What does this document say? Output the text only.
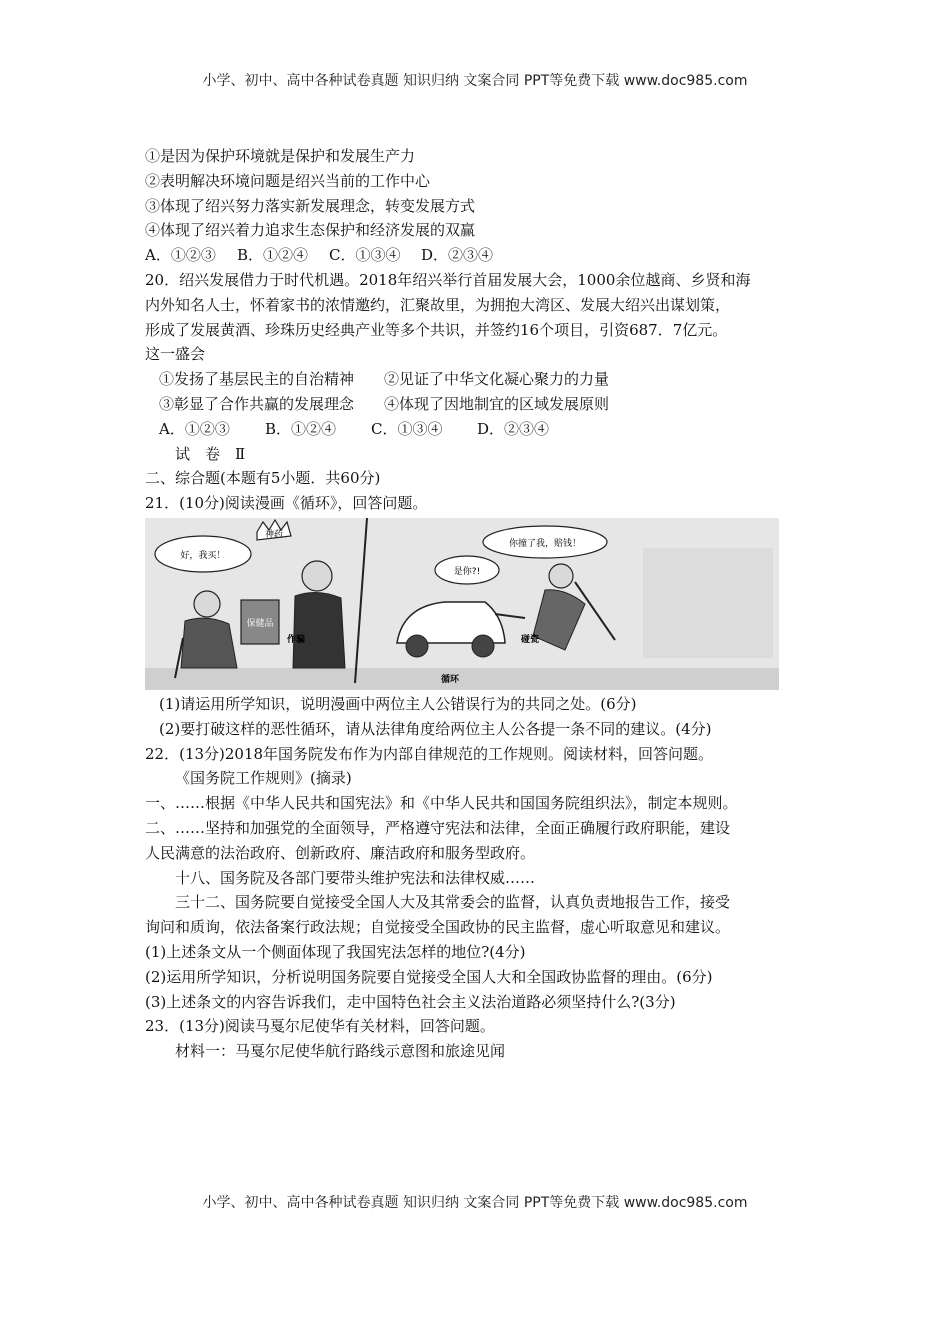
小学、初中、高中各种试卷真题 知识归纳 文案合同 PPT等免费下载 www.doc985.com
①是因为保护环境就是保护和发展生产力
②表明解决环境问题是绍兴当前的工作中心
③体现了绍兴努力落实新发展理念，转变发展方式
④体现了绍兴着力追求生态保护和经济发展的双赢
A．①②③ B．①②④ C．①③④ D．②③④
20．绍兴发展借力于时代机遇。2018年绍兴举行首届发展大会，1000余位越商、乡贤和海
内外知名人士，怀着家书的浓情邀约，汇聚故里，为拥抱大湾区、发展大绍兴出谋划策，
形成了发展黄酒、珍珠历史经典产业等多个共识，并签约16个项目，引资687．7亿元。
这一盛会
①发扬了基层民主的自治精神　　②见证了中华文化凝心聚力的力量
③彰显了合作共赢的发展理念　　④体现了因地制宜的区域发展原则
A．①②③ B．①②④ C．①③④ D．②③④
试　卷　Ⅱ
二、综合题(本题有5小题．共60分)
21．(10分)阅读漫画《循环》，回答问题。
好，我买！
神药
保健品
作骗
是你?!
你撞了我，赔钱！
碰瓷
循环
(1)请运用所学知识，说明漫画中两位主人公错误行为的共同之处。(6分)
(2)要打破这样的恶性循环，请从法律角度给两位主人公各提一条不同的建议。(4分)
22．(13分)2018年国务院发布作为内部自律规范的工作规则。阅读材料，回答问题。
《国务院工作规则》(摘录)
一、……根据《中华人民共和国宪法》和《中华人民共和国国务院组织法》，制定本规则。
二、……坚持和加强党的全面领导，严格遵守宪法和法律，全面正确履行政府职能，建设
人民满意的法治政府、创新政府、廉洁政府和服务型政府。
十八、国务院及各部门要带头维护宪法和法律权威……
三十二、国务院要自觉接受全国人大及其常委会的监督，认真负责地报告工作，接受
询问和质询，依法备案行政法规；自觉接受全国政协的民主监督，虚心听取意见和建议。
(1)上述条文从一个侧面体现了我国宪法怎样的地位?(4分)
(2)运用所学知识，分析说明国务院要自觉接受全国人大和全国政协监督的理由。(6分)
(3)上述条文的内容告诉我们，走中国特色社会主义法治道路必须坚持什么?(3分)
23．(13分)阅读马戛尔尼使华有关材料，回答问题。
材料一：马戛尔尼使华航行路线示意图和旅途见闻
小学、初中、高中各种试卷真题 知识归纳 文案合同 PPT等免费下载 www.doc985.com
